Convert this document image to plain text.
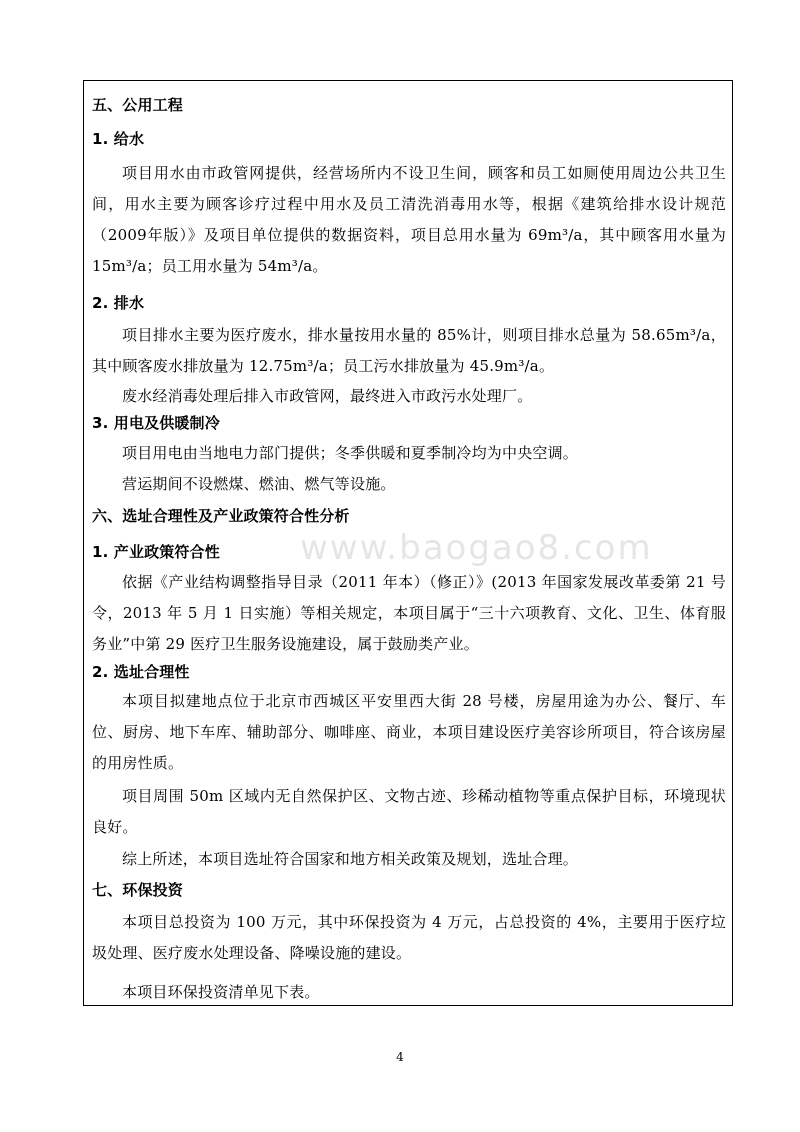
www.baogao8.com
五、公用工程
1. 给水
项目用水由市政管网提供，经营场所内不设卫生间，顾客和员工如厕使用周边公共卫生间，用水主要为顾客诊疗过程中用水及员工清洗消毒用水等，根据《建筑给排水设计规范（2009年版）》及项目单位提供的数据资料，项目总用水量为 69m³/a，其中顾客用水量为 15m³/a；员工用水量为 54m³/a。
2. 排水
项目排水主要为医疗废水，排水量按用水量的 85%计，则项目排水总量为 58.65m³/a，其中顾客废水排放量为 12.75m³/a；员工污水排放量为 45.9m³/a。
废水经消毒处理后排入市政管网，最终进入市政污水处理厂。
3. 用电及供暖制冷
项目用电由当地电力部门提供；冬季供暖和夏季制冷均为中央空调。
营运期间不设燃煤、燃油、燃气等设施。
六、选址合理性及产业政策符合性分析
1. 产业政策符合性
依据《产业结构调整指导目录（2011 年本）（修正）》(2013 年国家发展改革委第 21 号令，2013 年 5 月 1 日实施）等相关规定，本项目属于“三十六项教育、文化、卫生、体育服务业”中第 29 医疗卫生服务设施建设，属于鼓励类产业。
2. 选址合理性
本项目拟建地点位于北京市西城区平安里西大街 28 号楼，房屋用途为办公、餐厅、车位、厨房、地下车库、辅助部分、咖啡座、商业，本项目建设医疗美容诊所项目，符合该房屋的用房性质。
项目周围 50m 区域内无自然保护区、文物古迹、珍稀动植物等重点保护目标，环境现状良好。
综上所述，本项目选址符合国家和地方相关政策及规划，选址合理。
七、环保投资
本项目总投资为 100 万元，其中环保投资为 4 万元，占总投资的 4%，主要用于医疗垃圾处理、医疗废水处理设备、降噪设施的建设。
本项目环保投资清单见下表。
4
